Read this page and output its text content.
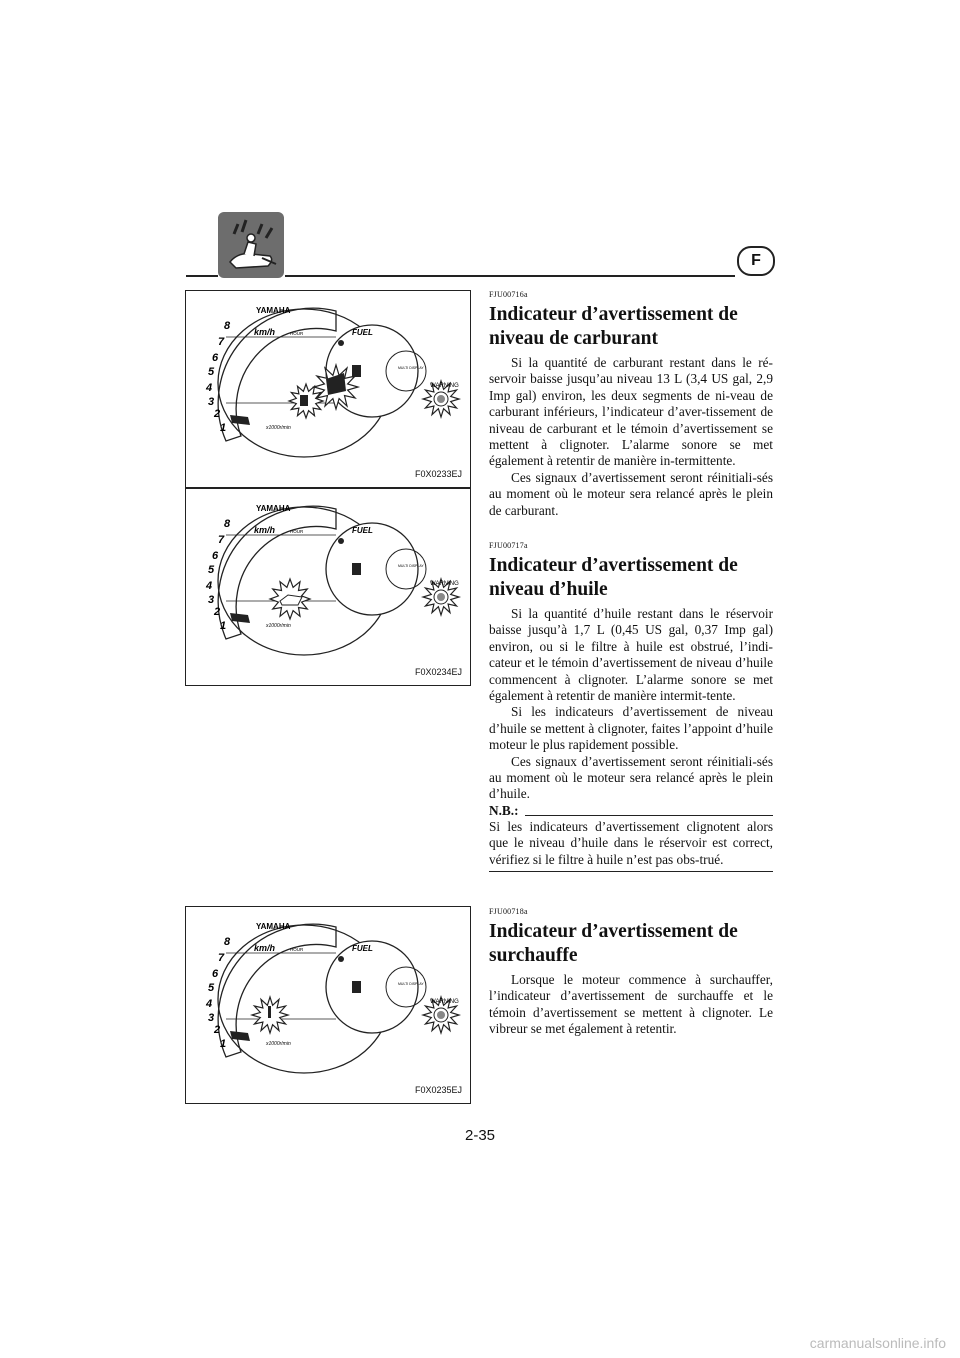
F
8
7
6
5
4
3
2
1
YAMAHA
km/h	HOUR	FUEL
MULTI DISPLAY
x1000r/min
WARNING
F0X0233EJ
8
7
6
5
4
3
2
1
YAMAHA
km/h	HOUR	FUEL
MULTI DISPLAY
x1000r/min
WARNING
F0X0234EJ
8
7
6
5
4
3
2
1
YAMAHA
km/h	HOUR	FUEL
MULTI DISPLAY
x1000r/min
WARNING
F0X0235EJ
FJU00716a
Indicateur d’avertissement de niveau de carburant

Si la quantité de carburant restant dans le ré-servoir baisse jusqu’au niveau 13 L (3,4 US gal, 2,9 Imp gal) environ, les deux segments de ni-veau de carburant inférieurs, l’indicateur d’aver-tissement de niveau de carburant et le témoin d’avertissement se mettent à clignoter. L’alarme sonore se met également à retentir de manière in-termittente.

Ces signaux d’avertissement seront réinitiali-sés au moment où le moteur sera relancé après le plein de carburant.

FJU00717a
Indicateur d’avertissement de niveau d’huile

Si la quantité d’huile restant dans le réservoir baisse jusqu’à 1,7 L (0,45 US gal, 0,37 Imp gal) environ, ou si le filtre à huile est obstrué, l’indi-cateur et le témoin d’avertissement de niveau d’huile commencent à clignoter. L’alarme sonore se met également à retentir de manière intermit-tente.

Si les indicateurs d’avertissement de niveau d’huile se mettent à clignoter, faites l’appoint d’huile moteur le plus rapidement possible.

Ces signaux d’avertissement seront réinitiali-sés au moment où le moteur sera relancé après le plein d’huile.

N.B.:
Si les indicateurs d’avertissement clignotent alors que le niveau d’huile dans le réservoir est correct, vérifiez si le filtre à huile n’est pas obs-trué.
FJU00718a
Indicateur d’avertissement de surchauffe

Lorsque le moteur commence à surchauffer, l’indicateur d’avertissement de surchauffe et le témoin d’avertissement se mettent à clignoter. Le vibreur se met également à retentir.

2-35
carmanualsonline.info
